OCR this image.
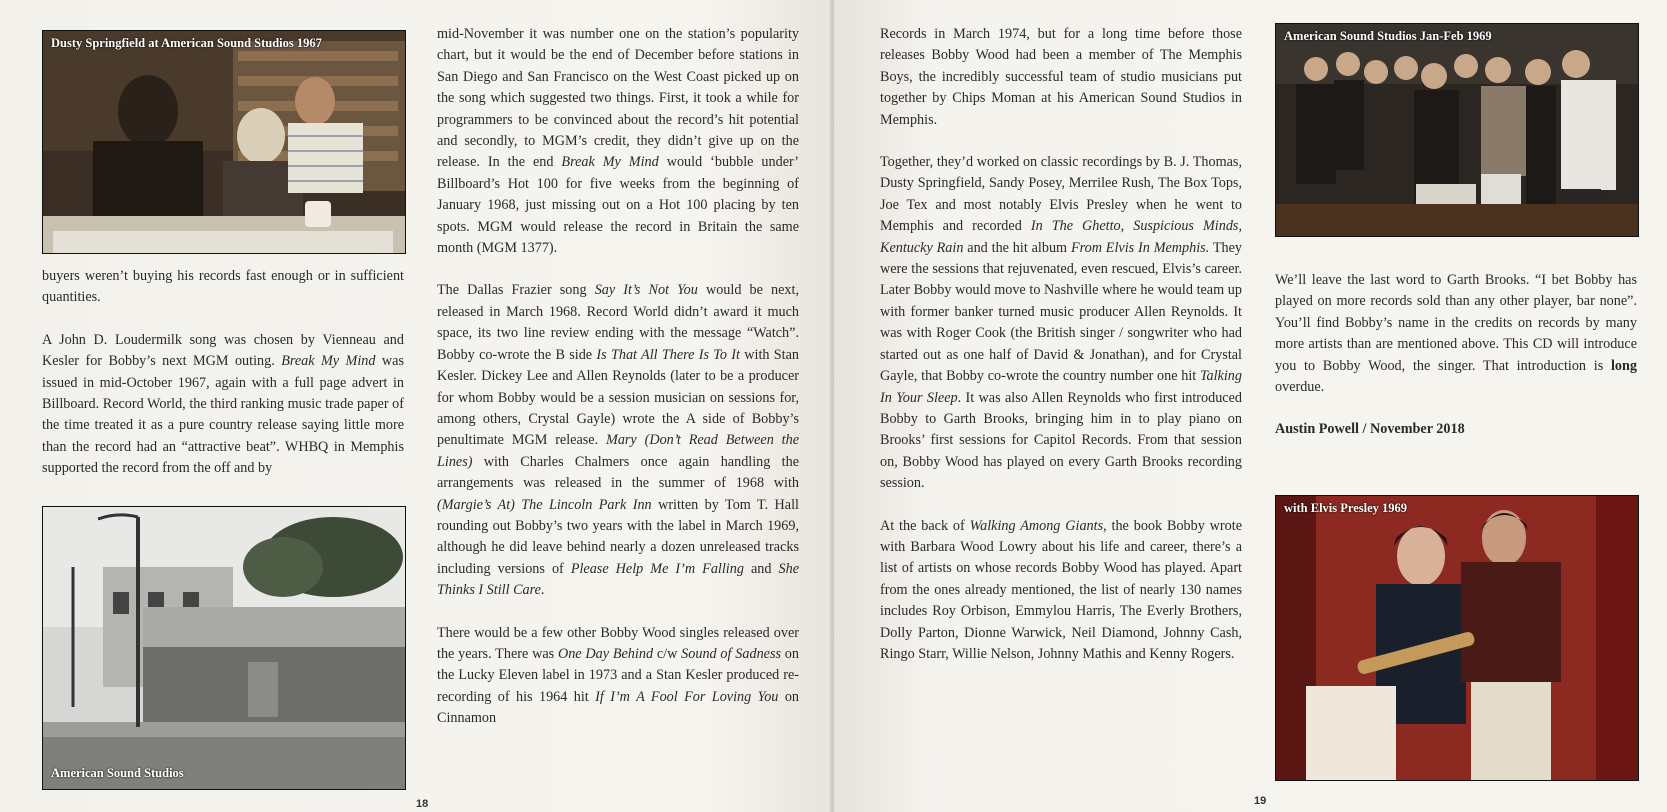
Dusty Springfield at American Sound Studios 1967

buyers weren’t buying his records fast enough or in sufficient quantities.

A John D. Loudermilk song was chosen by Vienneau and Kesler for Bobby’s next MGM outing. Break My Mind was issued in mid-October 1967, again with a full page advert in Billboard. Record World, the third ranking music trade paper of the time treated it as a pure country release saying little more than the record had an “attractive beat”. WHBQ in Memphis supported the record from the off and by

American Sound Studios

mid-November it was number one on the station’s popularity chart, but it would be the end of December before stations in San Diego and San Francisco on the West Coast picked up on the song which suggested two things. First, it took a while for programmers to be convinced about the record’s hit potential and secondly, to MGM’s credit, they didn’t give up on the release. In the end Break My Mind would ‘bubble under’ Billboard’s Hot 100 for five weeks from the beginning of January 1968, just missing out on a Hot 100 placing by ten spots. MGM would release the record in Britain the same month (MGM 1377).

The Dallas Frazier song Say It’s Not You would be next, released in March 1968. Record World didn’t award it much space, its two line review ending with the message “Watch”. Bobby co-wrote the B side Is That All There Is To It with Stan Kesler. Dickey Lee and Allen Reynolds (later to be a producer for whom Bobby would be a session musician on sessions for, among others, Crystal Gayle) wrote the A side of Bobby’s penultimate MGM release. Mary (Don’t Read Between the Lines) with Charles Chalmers once again handling the arrangements was released in the summer of 1968 with (Margie’s At) The Lincoln Park Inn written by Tom T. Hall rounding out Bobby’s two years with the label in March 1969, although he did leave behind nearly a dozen unreleased tracks including versions of Please Help Me I’m Falling and She Thinks I Still Care.

There would be a few other Bobby Wood singles released over the years. There was One Day Behind c/w Sound of Sadness on the Lucky Eleven label in 1973 and a Stan Kesler produced re-recording of his 1964 hit If I’m A Fool For Loving You on Cinnamon

18

Records in March 1974, but for a long time before those releases Bobby Wood had been a member of The Memphis Boys, the incredibly successful team of studio musicians put together by Chips Moman at his American Sound Studios in Memphis.

Together, they’d worked on classic recordings by B. J. Thomas, Dusty Springfield, Sandy Posey, Merrilee Rush, The Box Tops, Joe Tex and most notably Elvis Presley when he went to Memphis and recorded In The Ghetto, Suspicious Minds, Kentucky Rain and the hit album From Elvis In Memphis. They were the sessions that rejuvenated, even rescued, Elvis’s career. Later Bobby would move to Nashville where he would team up with former banker turned music producer Allen Reynolds. It was with Roger Cook (the British singer / songwriter who had started out as one half of David & Jonathan), and for Crystal Gayle, that Bobby co-wrote the country number one hit Talking In Your Sleep. It was also Allen Reynolds who first introduced Bobby to Garth Brooks, bringing him in to play piano on Brooks’ first sessions for Capitol Records. From that session on, Bobby Wood has played on every Garth Brooks recording session.

At the back of Walking Among Giants, the book Bobby wrote with Barbara Wood Lowry about his life and career, there’s a list of artists on whose records Bobby Wood has played. Apart from the ones already mentioned, the list of nearly 130 names includes Roy Orbison, Emmylou Harris, The Everly Brothers, Dolly Parton, Dionne Warwick, Neil Diamond, Johnny Cash, Ringo Starr, Willie Nelson, Johnny Mathis and Kenny Rogers.

American Sound Studios Jan-Feb 1969

We’ll leave the last word to Garth Brooks. “I bet Bobby has played on more records sold than any other player, bar none”. You’ll find Bobby’s name in the credits on records by many more artists than are mentioned above. This CD will introduce you to Bobby Wood, the singer. That introduction is long overdue.

Austin Powell / November 2018

with Elvis Presley 1969
19
